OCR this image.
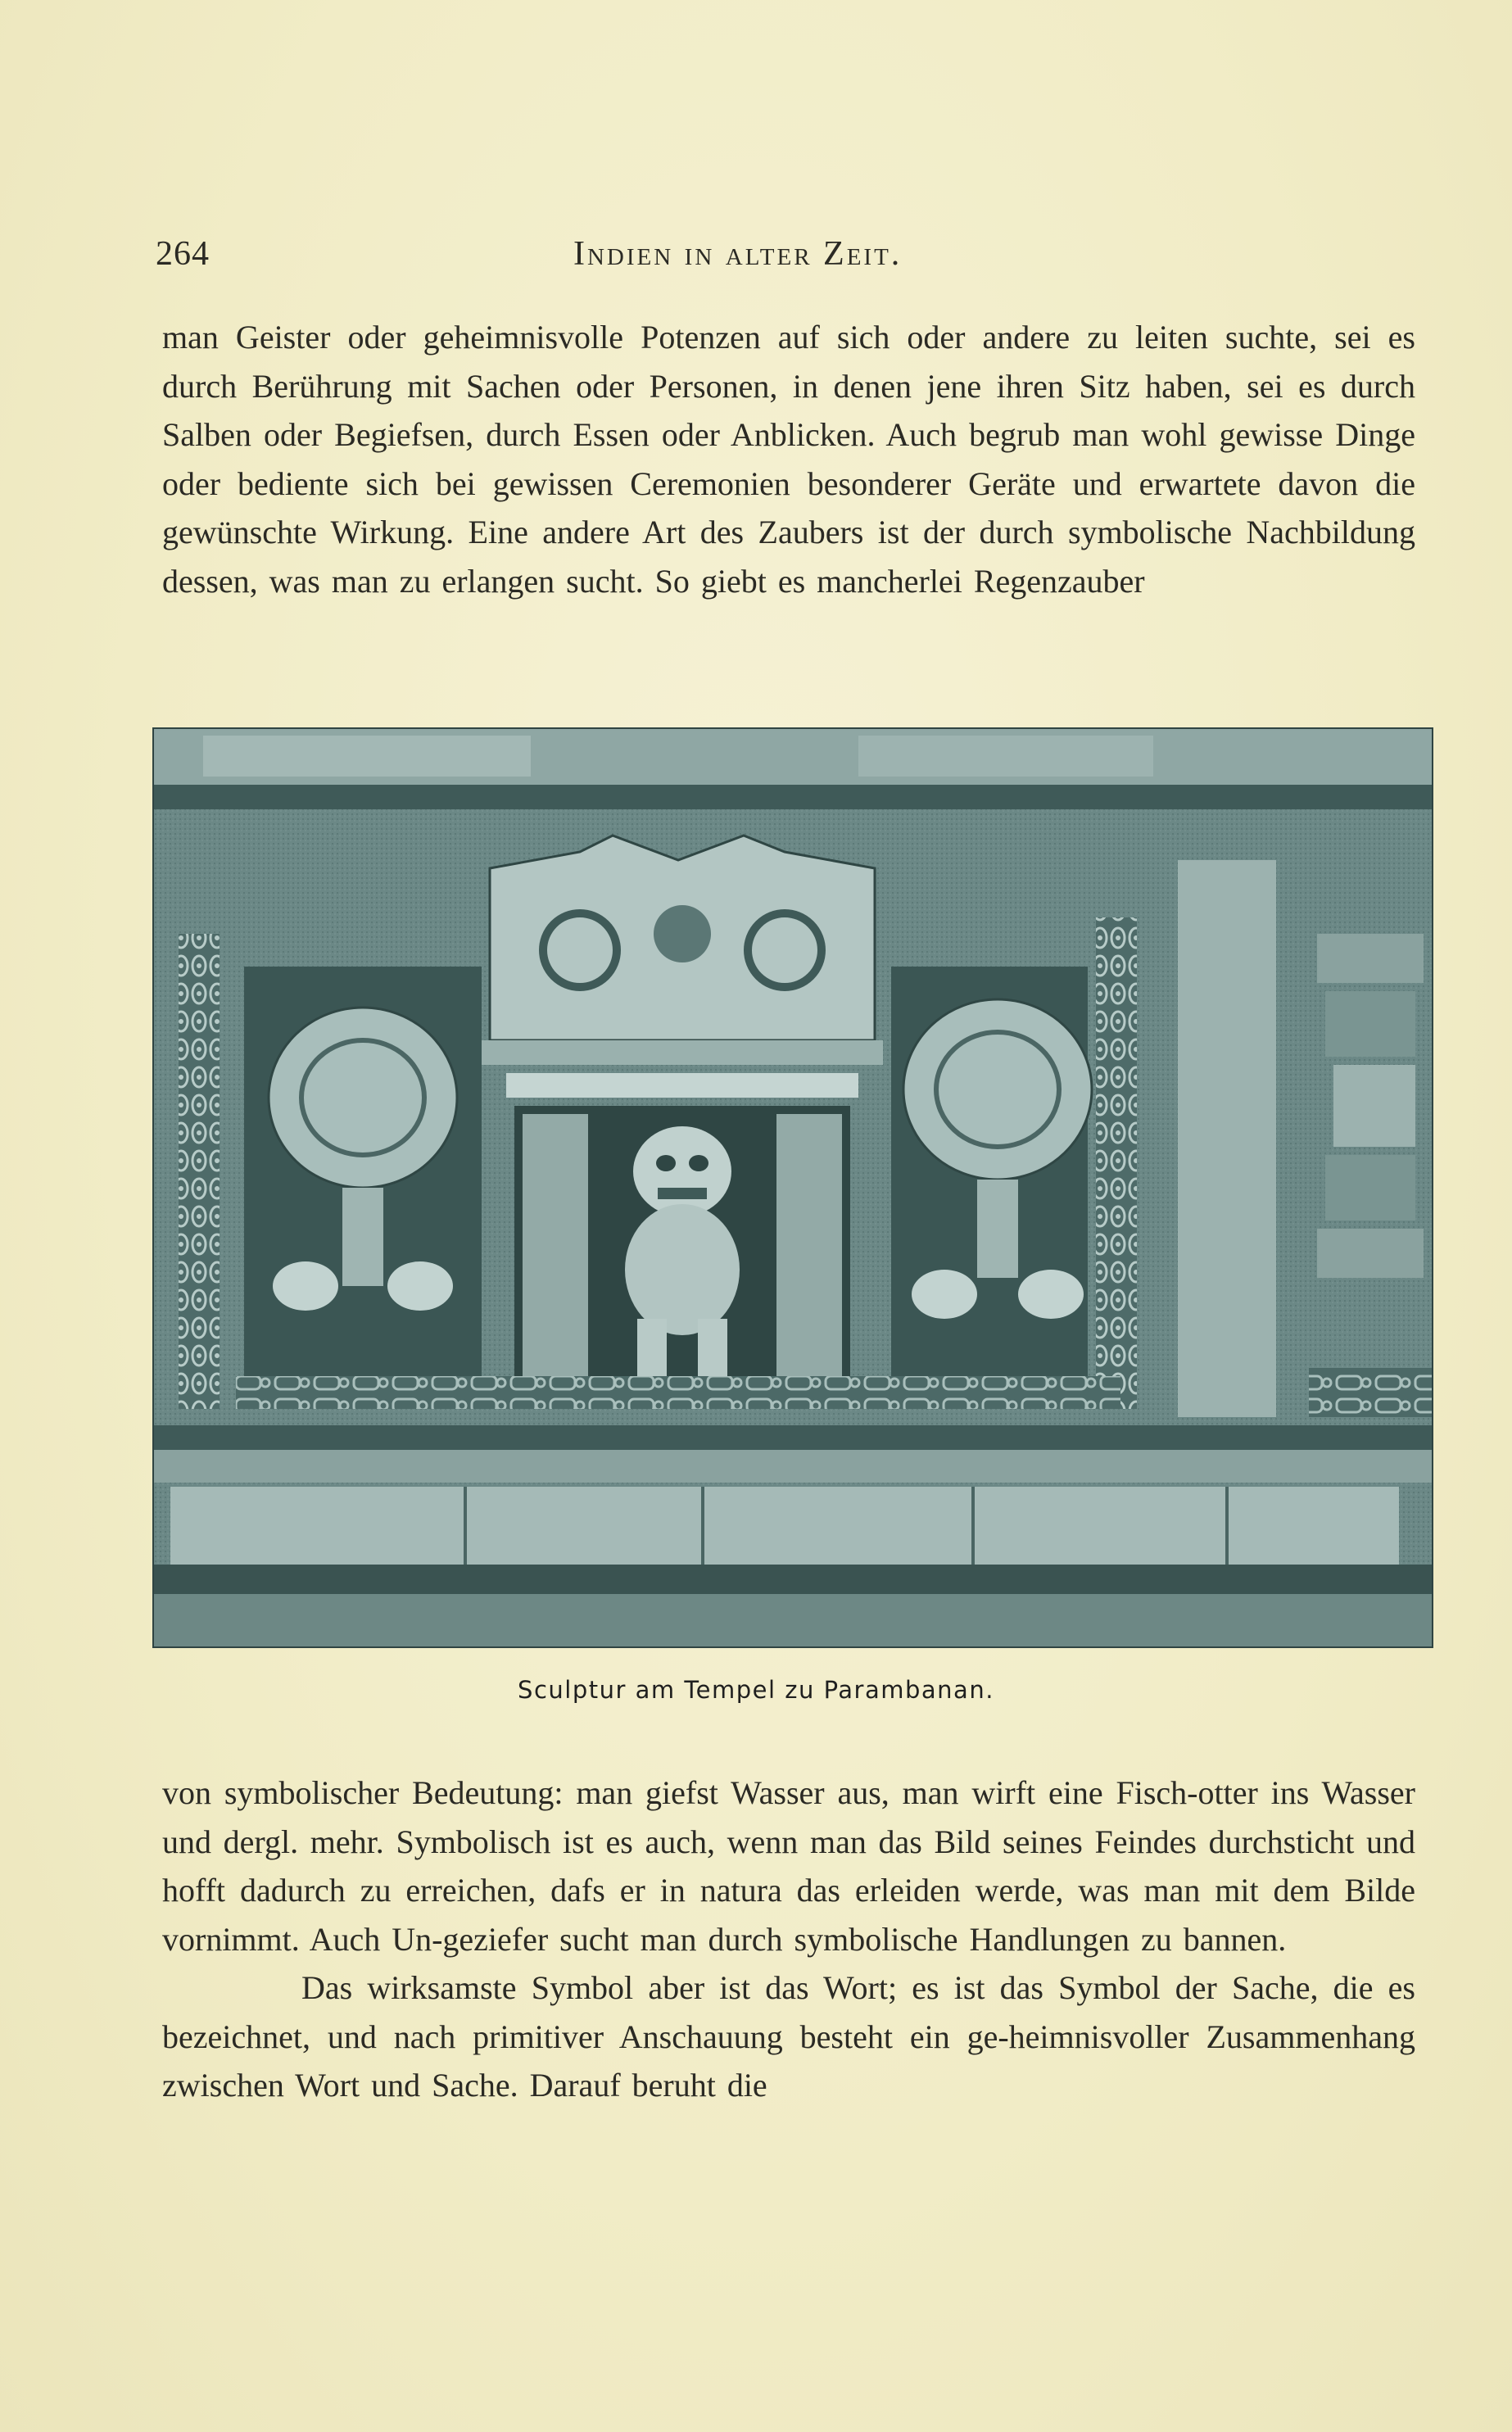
264	Indien in alter Zeit.

man Geister oder geheimnisvolle Potenzen auf sich oder andere zu leiten suchte, sei es durch Berührung mit Sachen oder Personen, in denen jene ihren Sitz haben, sei es durch Salben oder Begiefsen, durch Essen oder Anblicken. Auch begrub man wohl gewisse Dinge oder bediente sich bei gewissen Ceremonien besonderer Geräte und erwartete davon die gewünschte Wirkung. Eine andere Art des Zaubers ist der durch symbolische Nachbildung dessen, was man zu erlangen sucht. So giebt es mancherlei Regenzauber

Sculptur am Tempel zu Parambanan.

von symbolischer Bedeutung: man giefst Wasser aus, man wirft eine Fisch-otter ins Wasser und dergl. mehr. Symbolisch ist es auch, wenn man das Bild seines Feindes durchsticht und hofft dadurch zu erreichen, dafs er in natura das erleiden werde, was man mit dem Bilde vornimmt. Auch Un-geziefer sucht man durch symbolische Handlungen zu bannen.

Das wirksamste Symbol aber ist das Wort; es ist das Symbol der Sache, die es bezeichnet, und nach primitiver Anschauung besteht ein ge-heimnisvoller Zusammenhang zwischen Wort und Sache. Darauf beruht die
